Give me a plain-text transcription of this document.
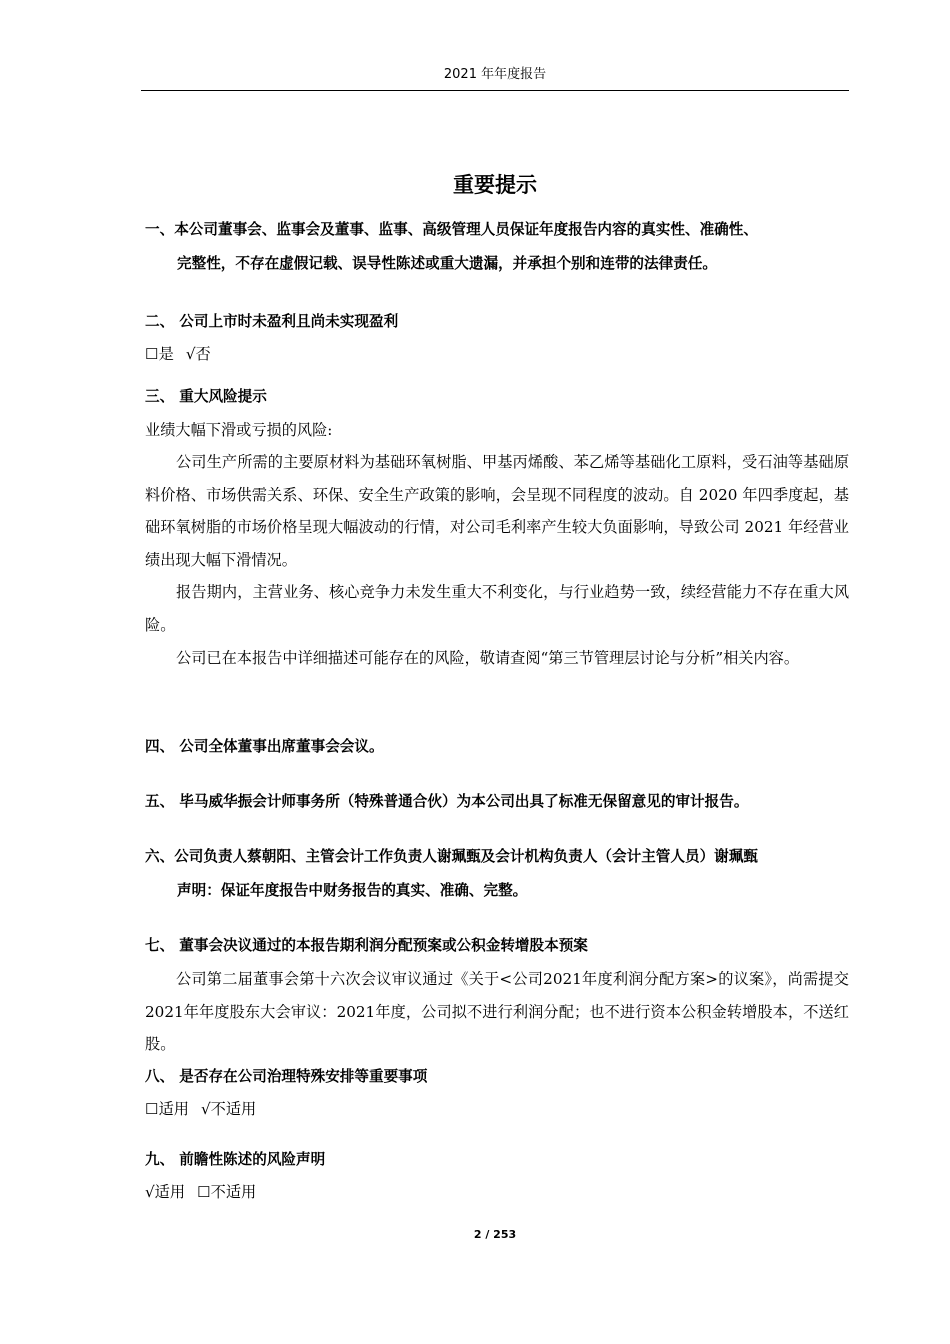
2021 年年度报告
重要提示
一、本公司董事会、监事会及董事、监事、高级管理人员保证年度报告内容的真实性、准确性、
完整性，不存在虚假记载、误导性陈述或重大遗漏，并承担个别和连带的法律责任。
二、 公司上市时未盈利且尚未实现盈利
☐是 √否
三、 重大风险提示
业绩大幅下滑或亏损的风险:
公司生产所需的主要原材料为基础环氧树脂、甲基丙烯酸、苯乙烯等基础化工原料，受石油等基础原料价格、市场供需关系、环保、安全生产政策的影响，会呈现不同程度的波动。自 2020 年四季度起，基础环氧树脂的市场价格呈现大幅波动的行情，对公司毛利率产生较大负面影响，导致公司 2021 年经营业绩出现大幅下滑情况。
报告期内，主营业务、核心竞争力未发生重大不利变化，与行业趋势一致，续经营能力不存在重大风险。
公司已在本报告中详细描述可能存在的风险，敬请查阅“第三节管理层讨论与分析”相关内容。
四、 公司全体董事出席董事会会议。
五、 毕马威华振会计师事务所（特殊普通合伙）为本公司出具了标准无保留意见的审计报告。
六、公司负责人蔡朝阳、主管会计工作负责人谢珮甄及会计机构负责人（会计主管人员）谢珮甄
声明：保证年度报告中财务报告的真实、准确、完整。
七、 董事会决议通过的本报告期利润分配预案或公积金转增股本预案
公司第二届董事会第十六次会议审议通过《关于<公司2021年度利润分配方案>的议案》，尚需提交2021年年度股东大会审议：2021年度，公司拟不进行利润分配；也不进行资本公积金转增股本，不送红股。
八、 是否存在公司治理特殊安排等重要事项
☐适用 √不适用
九、 前瞻性陈述的风险声明
√适用 ☐不适用
2 / 253
